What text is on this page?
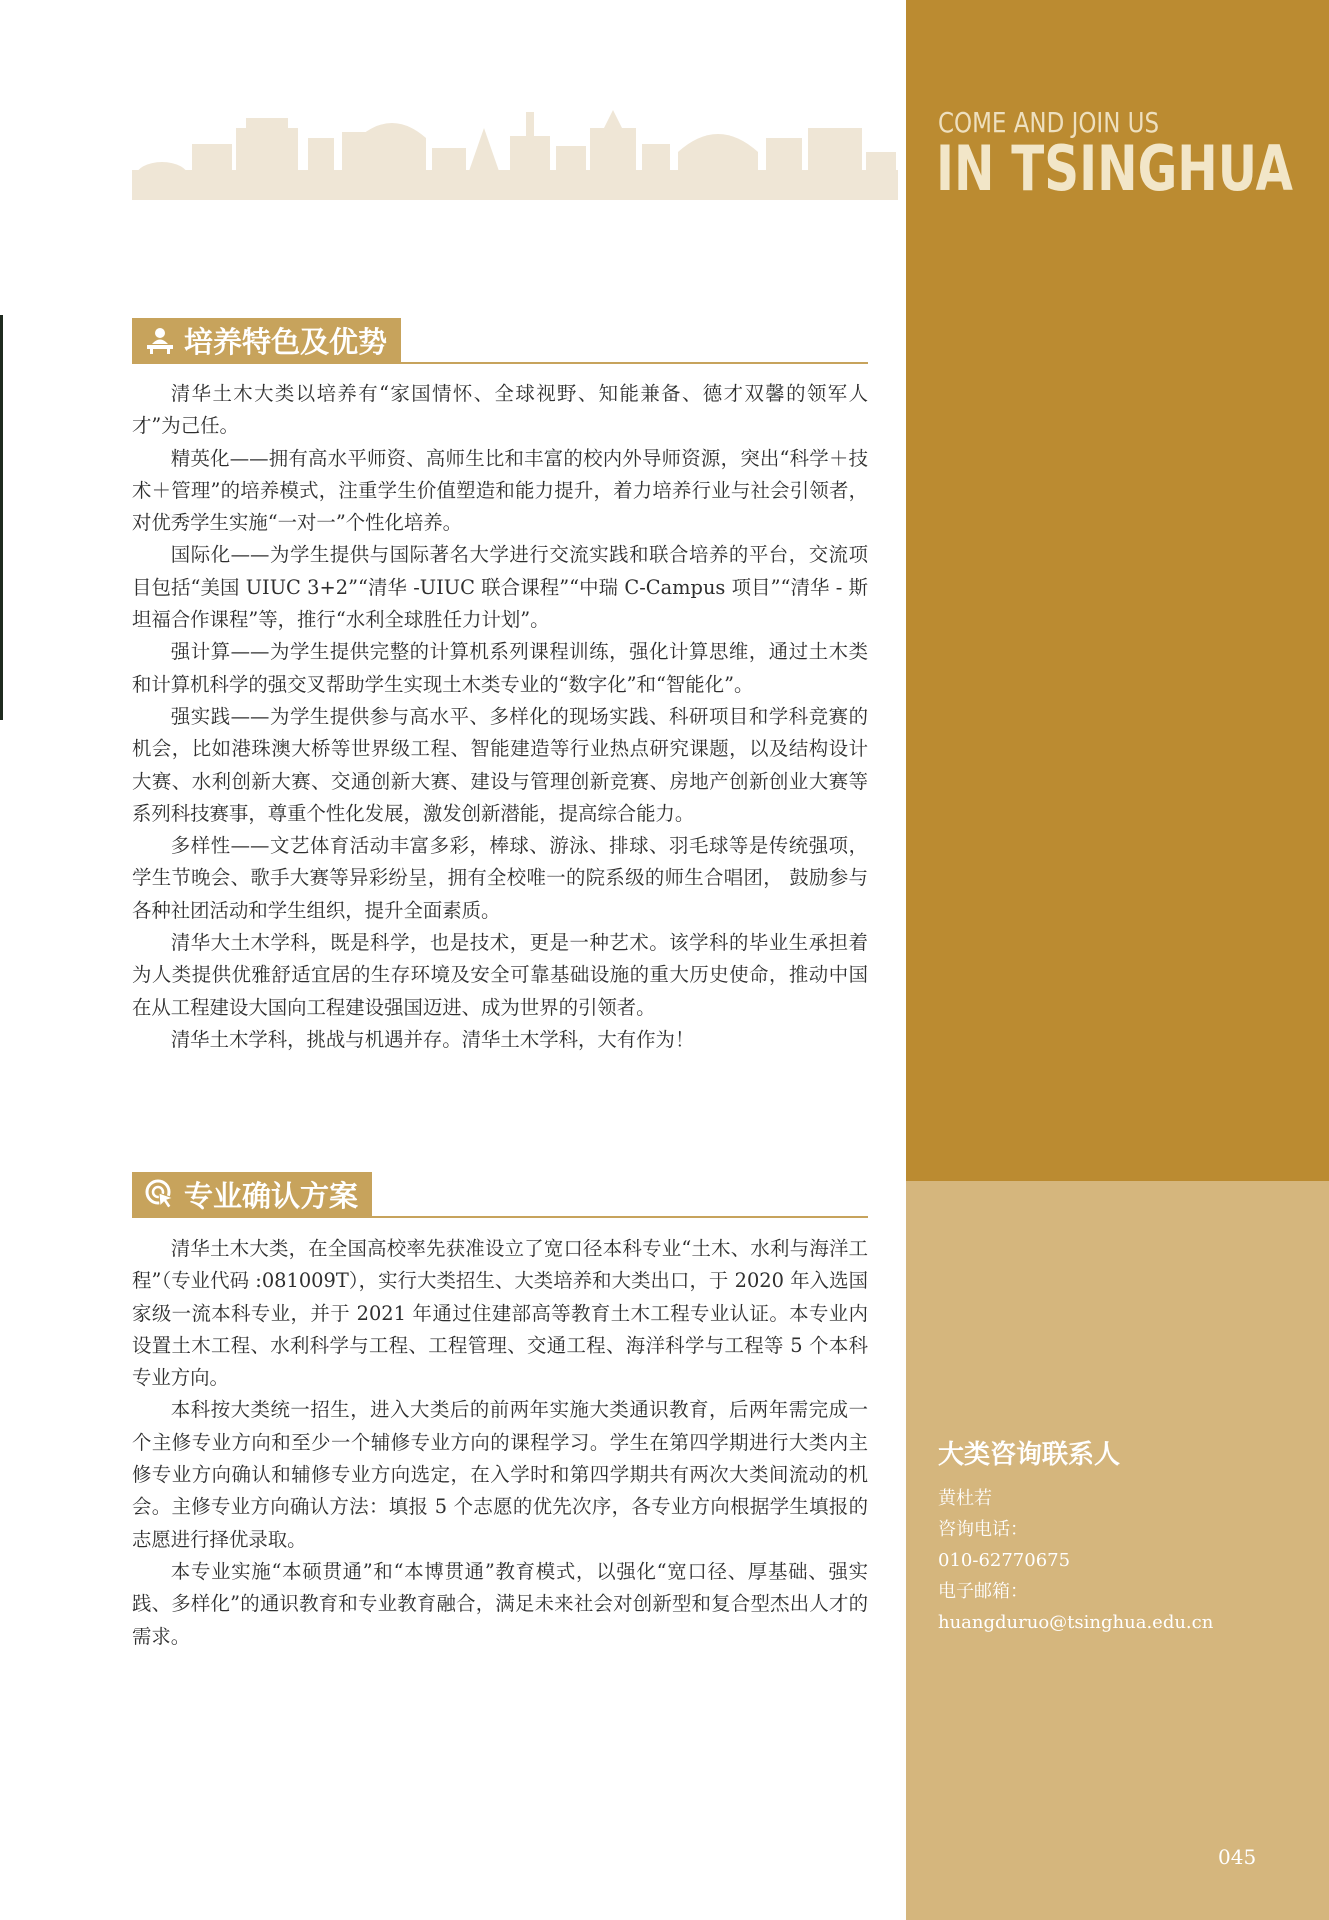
COME AND JOIN US
IN TSINGHUA
培养特色及优势

清华土木大类以培养有“家国情怀、全球视野、知能兼备、德才双馨的领军人才”为己任。

精英化——拥有高水平师资、高师生比和丰富的校内外导师资源，突出“科学＋技术＋管理”的培养模式，注重学生价值塑造和能力提升，着力培养行业与社会引领者，对优秀学生实施“一对一”个性化培养。

国际化——为学生提供与国际著名大学进行交流实践和联合培养的平台，交流项目包括“美国 UIUC 3+2”“清华 -UIUC 联合课程”“中瑞 C-Campus 项目”“清华 - 斯坦福合作课程”等，推行“水利全球胜任力计划”。

强计算——为学生提供完整的计算机系列课程训练，强化计算思维，通过土木类和计算机科学的强交叉帮助学生实现土木类专业的“数字化”和“智能化”。

强实践——为学生提供参与高水平、多样化的现场实践、科研项目和学科竞赛的机会，比如港珠澳大桥等世界级工程、智能建造等行业热点研究课题，以及结构设计大赛、水利创新大赛、交通创新大赛、建设与管理创新竞赛、房地产创新创业大赛等系列科技赛事，尊重个性化发展，激发创新潜能，提高综合能力。

多样性——文艺体育活动丰富多彩，棒球、游泳、排球、羽毛球等是传统强项，学生节晚会、歌手大赛等异彩纷呈，拥有全校唯一的院系级的师生合唱团， 鼓励参与各种社团活动和学生组织，提升全面素质。

清华大土木学科，既是科学，也是技术，更是一种艺术。该学科的毕业生承担着为人类提供优雅舒适宜居的生存环境及安全可靠基础设施的重大历史使命，推动中国在从工程建设大国向工程建设强国迈进、成为世界的引领者。

清华土木学科，挑战与机遇并存。清华土木学科，大有作为！

专业确认方案

清华土木大类，在全国高校率先获准设立了宽口径本科专业“土木、水利与海洋工程”（专业代码 :081009T），实行大类招生、大类培养和大类出口，于 2020 年入选国家级一流本科专业，并于 2021 年通过住建部高等教育土木工程专业认证。本专业内设置土木工程、水利科学与工程、工程管理、交通工程、海洋科学与工程等 5 个本科专业方向。

本科按大类统一招生，进入大类后的前两年实施大类通识教育，后两年需完成一个主修专业方向和至少一个辅修专业方向的课程学习。学生在第四学期进行大类内主修专业方向确认和辅修专业方向选定，在入学时和第四学期共有两次大类间流动的机会。主修专业方向确认方法：填报 5 个志愿的优先次序，各专业方向根据学生填报的志愿进行择优录取。

本专业实施“本硕贯通”和“本博贯通”教育模式，以强化“宽口径、厚基础、强实践、多样化”的通识教育和专业教育融合，满足未来社会对创新型和复合型杰出人才的需求。

大类咨询联系人
黄杜若
咨询电话：
010-62770675
电子邮箱：
huangduruo@tsinghua.edu.cn
045
